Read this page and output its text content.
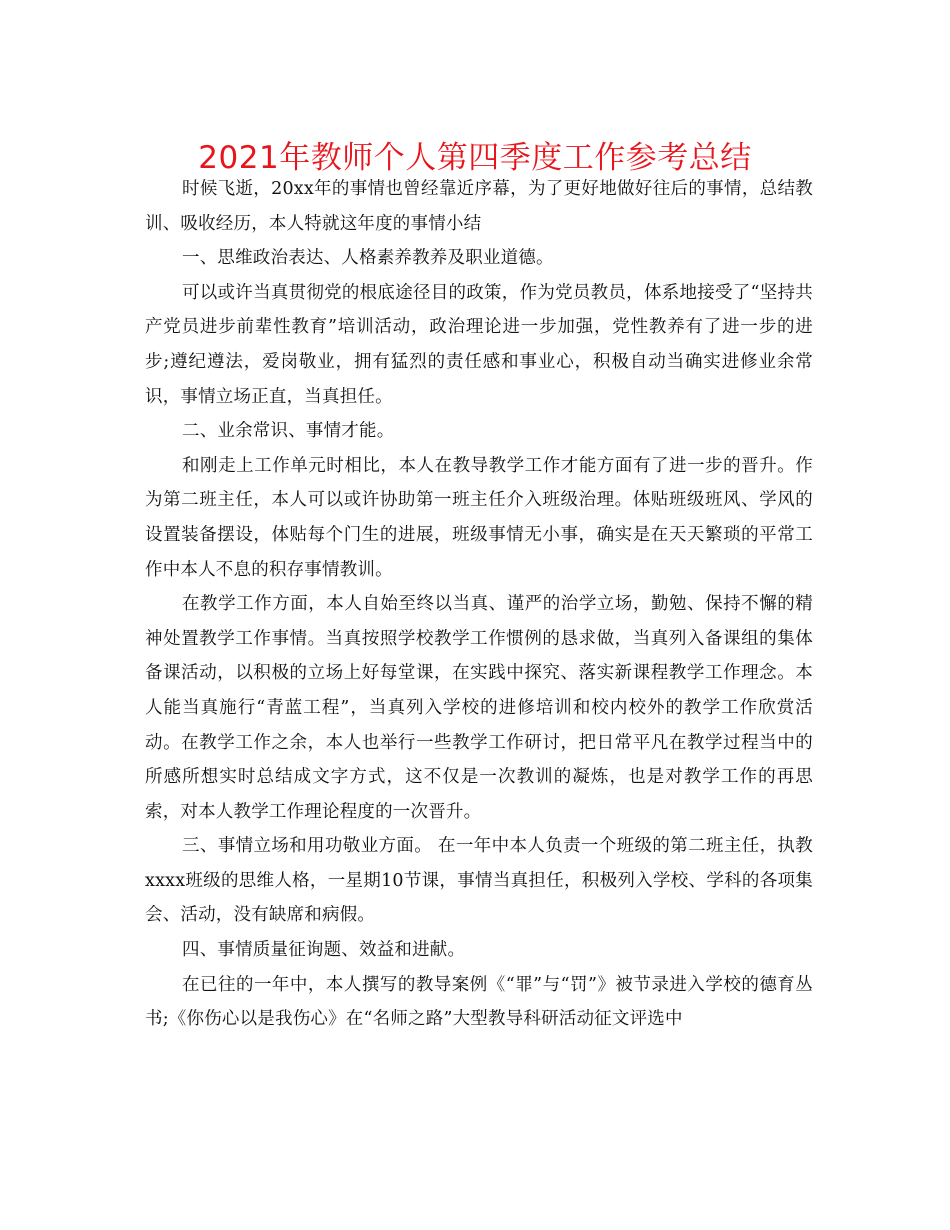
2021年教师个人第四季度工作参考总结

时候飞逝，20xx年的事情也曾经靠近序幕，为了更好地做好往后的事情，总结教训、吸收经历，本人特就这年度的事情小结

一、思维政治表达、人格素养教养及职业道德。

可以或许当真贯彻党的根底途径目的政策，作为党员教员，体系地接受了“坚持共产党员进步前辈性教育”培训活动，政治理论进一步加强，党性教养有了进一步的进步;遵纪遵法，爱岗敬业，拥有猛烈的责任感和事业心，积极自动当确实进修业余常识，事情立场正直，当真担任。

二、业余常识、事情才能。

和刚走上工作单元时相比，本人在教导教学工作才能方面有了进一步的晋升。作为第二班主任，本人可以或许协助第一班主任介入班级治理。体贴班级班风、学风的设置装备摆设，体贴每个门生的进展，班级事情无小事，确实是在天天繁琐的平常工作中本人不息的积存事情教训。

在教学工作方面，本人自始至终以当真、谨严的治学立场，勤勉、保持不懈的精神处置教学工作事情。当真按照学校教学工作惯例的恳求做，当真列入备课组的集体备课活动，以积极的立场上好每堂课，在实践中探究、落实新课程教学工作理念。本人能当真施行“青蓝工程”，当真列入学校的进修培训和校内校外的教学工作欣赏活动。在教学工作之余，本人也举行一些教学工作研讨，把日常平凡在教学过程当中的所感所想实时总结成文字方式，这不仅是一次教训的凝炼，也是对教学工作的再思索，对本人教学工作理论程度的一次晋升。

三、事情立场和用功敬业方面。 在一年中本人负责一个班级的第二班主任，执教xxxx班级的思维人格，一星期10节课，事情当真担任，积极列入学校、学科的各项集会、活动，没有缺席和病假。

四、事情质量征询题、效益和进献。

在已往的一年中，本人撰写的教导案例《“罪”与“罚”》被节录进入学校的德育丛书;《你伤心以是我伤心》在“名师之路”大型教导科研活动征文评选中
